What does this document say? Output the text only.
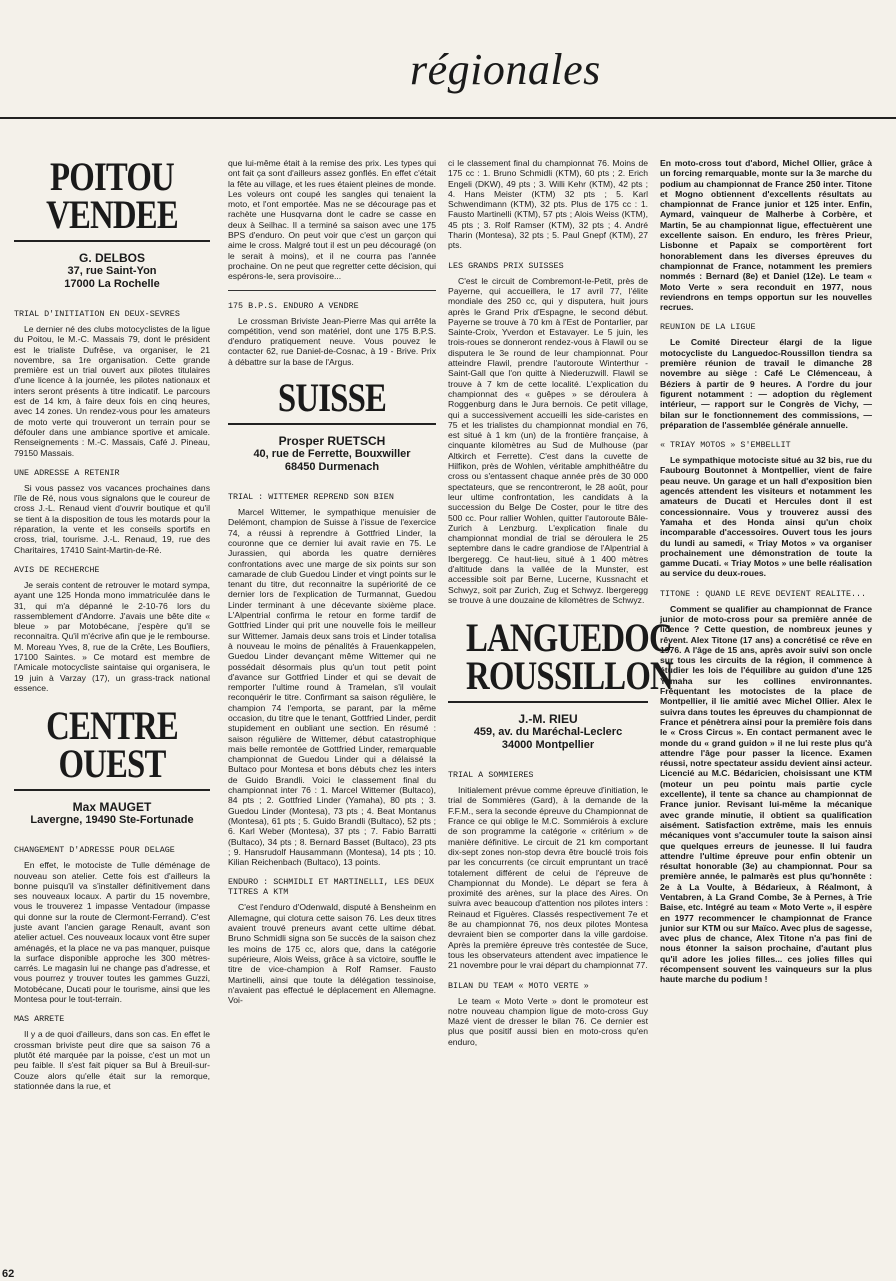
régionales
POITOU
VENDEE
G. DELBOS
37, rue Saint-Yon
17000 La Rochelle
TRIAL D'INITIATION EN DEUX-SEVRES

Le dernier né des clubs motocyclistes de la ligue du Poitou, le M.-C. Massais 79, dont le président est le trialiste Dufrêse, va organiser, le 21 novembre, sa 1re organisation. Cette grande première est un trial ouvert aux pilotes titulaires d'une licence à la journée, les pilotes nationaux et inters seront présents à titre indicatif. Le parcours est de 14 km, à faire deux fois en cinq heures, avec 14 zones. Un rendez-vous pour les amateurs de moto verte qui trouveront un terrain pour se défouler dans une ambiance sportive et amicale. Renseignements : M.-C. Massais, Café J. Pineau, 79150 Massais.

UNE ADRESSE A RETENIR

Si vous passez vos vacances prochaines dans l'île de Ré, nous vous signalons que le coureur de cross J.-L. Renaud vient d'ouvrir boutique et qu'il se tient à la disposition de tous les motards pour la réparation, la vente et les conseils sportifs en cross, trial, tourisme. J.-L. Renaud, 19, rue des Charitaires, 17410 Saint-Martin-de-Ré.

AVIS DE RECHERCHE

Je serais content de retrouver le motard sympa, ayant une 125 Honda mono immatriculée dans le 31, qui m'a dépanné le 2-10-76 lors du rassemblement d'Andorre. J'avais une bête dite « bleue » par Motobécane, j'espère qu'il se reconnaitra. Qu'il m'écrive afin que je le rembourse. M. Moreau Yves, 8, rue de la Crête, Les Boufliers, 17100 Saintes. » Ce motard est membre de l'Amicale motocycliste saintaise qui organisera, le 19 juin à Varzay (17), un grass-track national essence.

CENTRE
OUEST
Max MAUGET
Lavergne, 19490 Ste-Fortunade
CHANGEMENT D'ADRESSE POUR DELAGE

En effet, le motociste de Tulle déménage de nouveau son atelier. Cette fois est d'ailleurs la bonne puisqu'il va s'installer définitivement dans ses nouveaux locaux. A partir du 15 novembre, vous le trouverez 1 impasse Ventadour (impasse qui donne sur la route de Clermont-Ferrand). C'est juste avant l'ancien garage Renault, avant son atelier actuel. Ces nouveaux locaux vont être super aménagés, et la place ne va pas manquer, puisque la surface disponible approche les 300 mètres-carrés. Le magasin lui ne change pas d'adresse, et vous pourrez y trouver toutes les gammes Guzzi, Motobécane, Ducati pour le tourisme, ainsi que les Montesa pour le tout-terrain.

MAS ARRETE

Il y a de quoi d'ailleurs, dans son cas. En effet le crossman briviste peut dire que sa saison 76 a plutôt été marquée par la poisse, c'est un mot un peu faible. Il s'est fait piquer sa Bul à Breuil-sur-Couze alors qu'elle était sur la remorque, stationnée dans la rue, et

que lui-même était à la remise des prix. Les types qui ont fait ça sont d'ailleurs assez gonflés. En effet c'était la fête au village, et les rues étaient pleines de monde. Les voleurs ont coupé les sangles qui tenaient la moto, et l'ont emportée. Mas ne se décourage pas et rachète une Husqvarna dont le cadre se casse en deux à Seilhac. Il a terminé sa saison avec une 175 BPS d'enduro. On peut voir que c'est un garçon qui aime le cross. Malgré tout il est un peu découragé (on le serait à moins), et il ne courra pas l'année prochaine. On ne peut que regretter cette décision, qui espérons-le, sera provisoire...

175 B.P.S. ENDURO A VENDRE

Le crossman Briviste Jean-Pierre Mas qui arrête la compétition, vend son matériel, dont une 175 B.P.S. d'enduro pratiquement neuve. Vous pouvez le contacter 62, rue Daniel-de-Cosnac, à 19 - Brive. Prix à débattre sur la base de l'Argus.

SUISSE
Prosper RUETSCH
40, rue de Ferrette, Bouxwiller
68450 Durmenach
TRIAL : WITTEMER REPREND SON BIEN

Marcel Wittemer, le sympathique menuisier de Delémont, champion de Suisse à l'issue de l'exercice 74, a réussi à reprendre à Gottfried Linder, la couronne que ce dernier lui avait ravie en 75. Le Jurassien, qui aborda les quatre dernières confrontations avec une marge de six points sur son camarade de club Guedou Linder et vingt points sur le tenant du titre, dut reconnaitre la supériorité de ce dernier lors de l'explication de Turmannat, Guedou Linder terminant à une décevante sixième place. L'Alpentrial confirma le retour en forme tardif de Gottfried Linder qui prit une nouvelle fois le meilleur sur Wittemer. Jamais deux sans trois et Linder totalisa à nouveau le moins de pénalités à Frauenkappelen, Guedou Linder devançant même Wittemer qui ne possédait désormais plus qu'un tout petit point d'avance sur Gottfried Linder et qui se devait de remporter l'ultime round à Tramelan, s'il voulait reconquérir le titre. Confirmant sa saison régulière, le champion 74 l'emporta, se parant, par la même occasion, du titre que le tenant, Gottfried Linder, perdit stupidement en oubliant une section. En résumé : saison régulière de Wittemer, début catastrophique mais belle remontée de Gottfried Linder, remarquable championnat de Guedou Linder qui a délaissé la Bultaco pour Montesa et bons débuts chez les inters de Guido Brandli. Voici le classement final du championnat inter 76 : 1. Marcel Wittemer (Bultaco), 84 pts ; 2. Gottfried Linder (Yamaha), 80 pts ; 3. Guedou Linder (Montesa), 73 pts ; 4. Beat Montanus (Montesa), 61 pts ; 5. Guido Brandli (Bultaco), 52 pts ; 6. Karl Weber (Montesa), 37 pts ; 7. Fabio Barratti (Bultaco), 34 pts ; 8. Bernard Basset (Bultaco), 23 pts ; 9. Hansrudolf Hausammann (Montesa), 14 pts ; 10. Kilian Reichenbach (Bultaco), 13 points.

ENDURO : SCHMIDLI ET MARTINELLI, LES DEUX TITRES A KTM

C'est l'enduro d'Odenwald, disputé à Bensheinm en Allemagne, qui clotura cette saison 76. Les deux titres avaient trouvé preneurs avant cette ultime débat. Bruno Schmidli signa son 5e succès de la saison chez les moins de 175 cc, alors que, dans la catégorie supérieure, Alois Weiss, grâce à sa victoire, souffle le titre de vice-champion à Rolf Ramser. Fausto Martinelli, ainsi que toute la délégation tessinoise, n'avaient pas effectué le déplacement en Allemagne. Voi-

ci le classement final du championnat 76. Moins de 175 cc : 1. Bruno Schmidli (KTM), 60 pts ; 2. Erich Engeli (DKW), 49 pts ; 3. Willi Kehr (KTM), 42 pts ; 4. Hans Meister (KTM) 32 pts ; 5. Karl Schwendimann (KTM), 32 pts. Plus de 175 cc : 1. Fausto Martinelli (KTM), 57 pts ; Alois Weiss (KTM), 45 pts ; 3. Rolf Ramser (KTM), 32 pts ; 4. André Tharin (Montesa), 32 pts ; 5. Paul Gnepf (KTM), 27 pts.

LES GRANDS PRIX SUISSES

C'est le circuit de Combremont-le-Petit, près de Payerne, qui accueillera, le 17 avril 77, l'élite mondiale des 250 cc, qui y disputera, huit jours après le Grand Prix d'Espagne, le second début. Payerne se trouve à 70 km à l'Est de Pontarlier, par Sainte-Croix, Yverdon et Estavayer. Le 5 juin, les trois-roues se donneront rendez-vous à Flawil ou se disputera le 3e round de leur championnat. Pour atteindre Flawil, prendre l'autoroute Winterthur - Saint-Gall que l'on quitte à Niederuzwill. Flawil se trouve à 7 km de cette localité. L'explication du championnat des « guêpes » se déroulera à Roggenburg dans le Jura bernois. Ce petit village, qui a successivement accueilli les side-caristes en 75 et les trialistes du championnat mondial en 76, est situé à 1 km (un) de la frontière française, à cinquante kilomètres au Sud de Mulhouse (par Altkirch et Ferrette). C'est dans la cuvette de Hilfikon, près de Wohlen, véritable amphithéâtre du cross ou s'entassent chaque année près de 30 000 spectateurs, que se rencontreront, le 28 août, pour leur ultime confrontation, les candidats à la succession du Belge De Coster, pour le titre des 500 cc. Pour rallier Wohlen, quitter l'autoroute Bâle-Zurich à Lenzburg. L'explication finale du championnat mondial de trial se déroulera le 25 septembre dans le cadre grandiose de l'Alpentrial à Ibergeregg. Ce haut-lieu, situé à 1 400 mètres d'altitude dans la vallée de la Munster, est accessible soit par Berne, Lucerne, Kussnacht et Schwyz, soit par Zurich, Zug et Schwyz. Ibergeregg se trouve à une douzaine de kilomètres de Schwyz.

LANGUEDOC
ROUSSILLON
J.-M. RIEU
459, av. du Maréchal-Leclerc
34000 Montpellier
TRIAL A SOMMIERES

Initialement prévue comme épreuve d'initiation, le trial de Sommières (Gard), à la demande de la F.F.M., sera la seconde épreuve du Championnat de France ce qui oblige le M.C. Sommiérois à exclure de son programme la catégorie « critérium » de manière définitive. Le circuit de 21 km comportant dix-sept zones non-stop devra être bouclé trois fois par les concurrents (ce circuit empruntant un tracé totalement différent de celui de l'épreuve de Championnat du Monde). Le départ se fera à proximité des arènes, sur la place des Aires. On suivra avec beaucoup d'attention nos pilotes inters : Reinaud et Figuères. Classés respectivement 7e et 8e au championnat 76, nos deux pilotes Montesa devraient bien se comporter dans la ville gardoise. Après la première épreuve très contestée de Suce, tous les observateurs attendent avec impatience le 21 novembre pour le vrai départ du championnat 77.

BILAN DU TEAM « MOTO VERTE »

Le team « Moto Verte » dont le promoteur est notre nouveau champion ligue de moto-cross Guy Mazé vient de dresser le bilan 76. Ce dernier est plus que positif aussi bien en moto-cross qu'en enduro,

En moto-cross tout d'abord, Michel Ollier, grâce à un forcing remarquable, monte sur la 3e marche du podium au championnat de France 250 inter. Titone et Mogno obtiennent d'excellents résultats au championnat de France junior et 125 inter. Enfin, Aymard, vainqueur de Malherbe à Corbère, et Martin, 5e au championnat ligue, effectuèrent une excellente saison. En enduro, les frères Prieur, Lisbonne et Papaix se comportèrent fort honorablement dans les diverses épreuves du championnat de France, notamment les premiers nommés : Bernard (8e) et Daniel (12e). Le team « Moto Verte » sera reconduit en 1977, nous reviendrons en temps opportun sur les nouvelles recrues.

REUNION DE LA LIGUE

Le Comité Directeur élargi de la ligue motocycliste du Languedoc-Roussillon tiendra sa première réunion de travail le dimanche 28 novembre au siège : Café Le Clémenceau, à Béziers à partir de 9 heures. A l'ordre du jour figurent notamment : — adoption du règlement intérieur, — rapport sur le Congrès de Vichy, — bilan sur le fonctionnement des commissions, — préparation de l'assemblée générale annuelle.

« TRIAY MOTOS » S'EMBELLIT

Le sympathique motociste situé au 32 bis, rue du Faubourg Boutonnet à Montpellier, vient de faire peau neuve. Un garage et un hall d'exposition bien agencés attendent les visiteurs et notamment les amateurs de Ducati et Hercules dont il est concessionnaire. Vous y trouverez aussi des Yamaha et des Honda ainsi qu'un choix incomparable d'accessoires. Ouvert tous les jours du lundi au samedi, « Triay Motos » va organiser prochainement une démonstration de toute la gamme Ducati. « Triay Motos » une belle réalisation au service du deux-roues.

TITONE : QUAND LE REVE DEVIENT REALITE...

Comment se qualifier au championnat de France junior de moto-cross pour sa première année de licence ? Cette question, de nombreux jeunes y rêvent. Alex Titone (17 ans) a concrétisé ce rêve en 1976. A l'âge de 15 ans, après avoir suivi son oncle sur tous les circuits de la région, il commence à étudier les lois de l'équilibre au guidon d'une 125 Yamaha sur les collines environnantes. Fréquentant les motocistes de la place de Montpellier, il lie amitié avec Michel Ollier. Alex le suivra dans toutes les épreuves du championnat de France et pénètrera ainsi pour la première fois dans le « Cross Circus ». En contact permanent avec le monde du « grand guidon » il ne lui reste plus qu'à attendre l'âge pour passer la licence. Examen réussi, notre spectateur assidu devient ainsi acteur. Licencié au M.C. Bédaricien, choisissant une KTM (moteur un peu pointu mais partie cycle excellente), il tente sa chance au championnat de France junior. Revisant lui-même la mécanique avec grande minutie, il obtient sa qualification aisément. Satisfaction extrême, mais les ennuis mécaniques vont s'accumuler toute la saison ainsi que quelques erreurs de jeunesse. Il lui faudra attendre l'ultime épreuve pour enfin obtenir un résultat honorable (3e) au championnat. Pour sa première année, le palmarès est plus qu'honnête : 2e à La Voulte, à Bédarieux, à Réalmont, à Ventabren, à La Grand Combe, 3e à Pernes, à Trie Baise, etc. Intégré au team « Moto Verte », il espère en 1977 recommencer le championnat de France junior sur KTM ou sur Maïco. Avec plus de sagesse, avec plus de chance, Alex Titone n'a pas fini de nous étonner la saison prochaine, d'autant plus qu'il adore les jolies filles... ces jolies filles qui récompensent souvent les vainqueurs sur la plus haute marche du podium !

62
